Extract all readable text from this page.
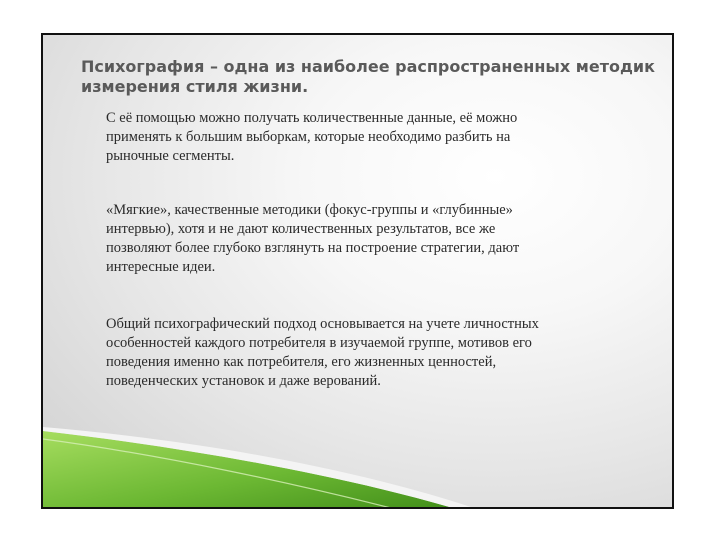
Психография – одна из наиболее распространенных методик
измерения стиля жизни.

С её помощью можно получать количественные данные, её можно
применять к большим выборкам, которые необходимо разбить на
рыночные сегменты.

«Мягкие», качественные методики (фокус-группы и «глубинные»
интервью), хотя и не дают количественных результатов, все же
позволяют более глубоко взглянуть на построение стратегии, дают
интересные идеи.

Общий психографический подход основывается на учете личностных
особенностей каждого потребителя в изучаемой группе, мотивов его
поведения именно как потребителя, его жизненных ценностей,
поведенческих установок и даже верований.
